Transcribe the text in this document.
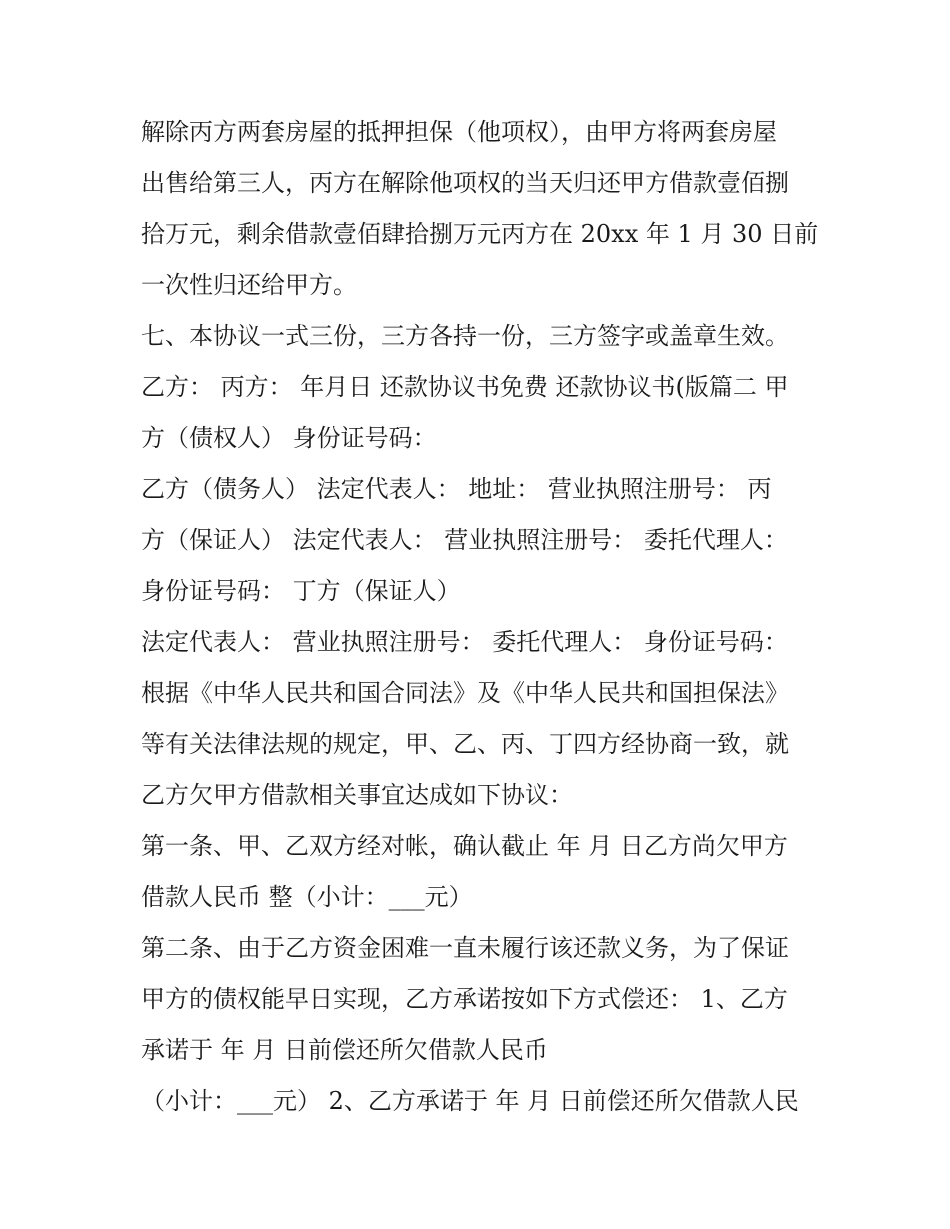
解除丙方两套房屋的抵押担保（他项权），由甲方将两套房屋
出售给第三人，丙方在解除他项权的当天归还甲方借款壹佰捌
拾万元，剩余借款壹佰肆拾捌万元丙方在 20xx 年 1 月 30 日前
一次性归还给甲方。
七、本协议一式三份，三方各持一份，三方签字或盖章生效。
乙方： 丙方： 年月日 还款协议书免费 还款协议书(版篇二 甲
方（债权人） 身份证号码：
乙方（债务人） 法定代表人： 地址： 营业执照注册号： 丙
方（保证人） 法定代表人： 营业执照注册号： 委托代理人：
身份证号码： 丁方（保证人）
法定代表人： 营业执照注册号： 委托代理人： 身份证号码：
根据《中华人民共和国合同法》及《中华人民共和国担保法》
等有关法律法规的规定，甲、乙、丙、丁四方经协商一致，就
乙方欠甲方借款相关事宜达成如下协议：
第一条、甲、乙双方经对帐，确认截止 年 月 日乙方尚欠甲方
借款人民币 整（小计：___元）
第二条、由于乙方资金困难一直未履行该还款义务，为了保证
甲方的债权能早日实现，乙方承诺按如下方式偿还： 1、乙方
承诺于 年 月 日前偿还所欠借款人民币
（小计：___元） 2、乙方承诺于 年 月 日前偿还所欠借款人民
